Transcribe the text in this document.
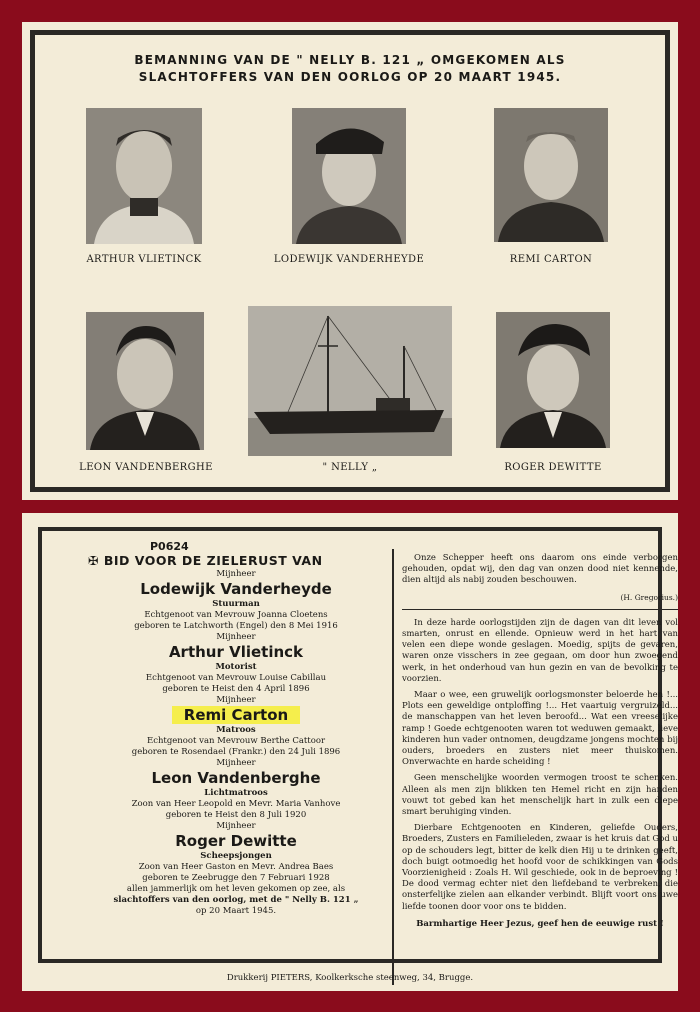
BEMANNING VAN DE " NELLY B. 121 „ OMGEKOMEN ALS
SLACHTOFFERS VAN DEN OORLOG OP 20 MAART 1945.
ARTHUR VLIETINCK	LODEWIJK VANDERHEYDE	REMI CARTON
LEON VANDENBERGHE	" NELLY „	ROGER DEWITTE
P0624
✠ BID VOOR DE ZIELERUST VAN
Mijnheer
Lodewijk Vanderheyde
Stuurman
Echtgenoot van Mevrouw Joanna Cloetens
geboren te Latchworth (Engel) den 8 Mei 1916
Mijnheer
Arthur Vlietinck
Motorist
Echtgenoot van Mevrouw Louise Cabillau
geboren te Heist den 4 April 1896
Mijnheer
Remi Carton
Matroos
Echtgenoot van Mevrouw Berthe Cattoor
geboren te Rosendael (Frankr.) den 24 Juli 1896
Mijnheer
Leon Vandenberghe
Lichtmatroos
Zoon van Heer Leopold en Mevr. Maria Vanhove
geboren te Heist den 8 Juli 1920
Mijnheer
Roger Dewitte
Scheepsjongen
Zoon van Heer Gaston en Mevr. Andrea Baes
geboren te Zeebrugge den 7 Februari 1928
allen jammerlijk om het leven gekomen op zee, als
slachtoffers van den oorlog, met de " Nelly B. 121 „
op 20 Maart 1945.

Onze Schepper heeft ons daarom ons einde verborgen gehouden, opdat wij, den dag van onzen dood niet kennende, dien altijd als nabij zouden beschouwen.

(H. Gregorius.)

In deze harde oorlogstijden zijn de dagen van dit leven vol smarten, onrust en ellende. Opnieuw werd in het hart van velen een diepe wonde geslagen. Moedig, spijts de gevaren, waren onze visschers in zee gegaan, om door hun zwoegend werk, in het onderhoud van hun gezin en van de bevolking te voorzien.

Maar o wee, een gruwelijk oorlogsmonster beloerde hen !... Plots een geweldige ontploffing !... Het vaartuig vergruizeld... de manschappen van het leven beroofd... Wat een vreeselijke ramp ! Goede echtgenooten waren tot weduwen gemaakt, lieve kinderen hun vader ontnomen, deugdzame jongens mochten bij ouders, broeders en zusters niet meer thuiskomen. Onverwachte en harde scheiding !

Geen menschelijke woorden vermogen troost te schenken. Alleen als men zijn blikken ten Hemel richt en zijn handen vouwt tot gebed kan het menschelijk hart in zulk een diepe smart beruhiging vinden.

Dierbare Echtgenooten en Kinderen, geliefde Ouders, Broeders, Zusters en Familieleden, zwaar is het kruis dat God u op de schouders legt, bitter de kelk dien Hij u te drinken geeft, doch buigt ootmoedig het hoofd voor de schikkingen van Gods Voorzienigheid : Zoals H. Wil geschiede, ook in de beproeving ! De dood vermag echter niet den liefdeband te verbreken, die onsterfelijke zielen aan elkander verbindt. Blijft voort ons uwe liefde toonen door voor ons te bidden.

Barmhartige Heer Jezus, geef hen de eeuwige rust !
Drukkerij PIETERS, Koolkerksche steenweg, 34, Brugge.
